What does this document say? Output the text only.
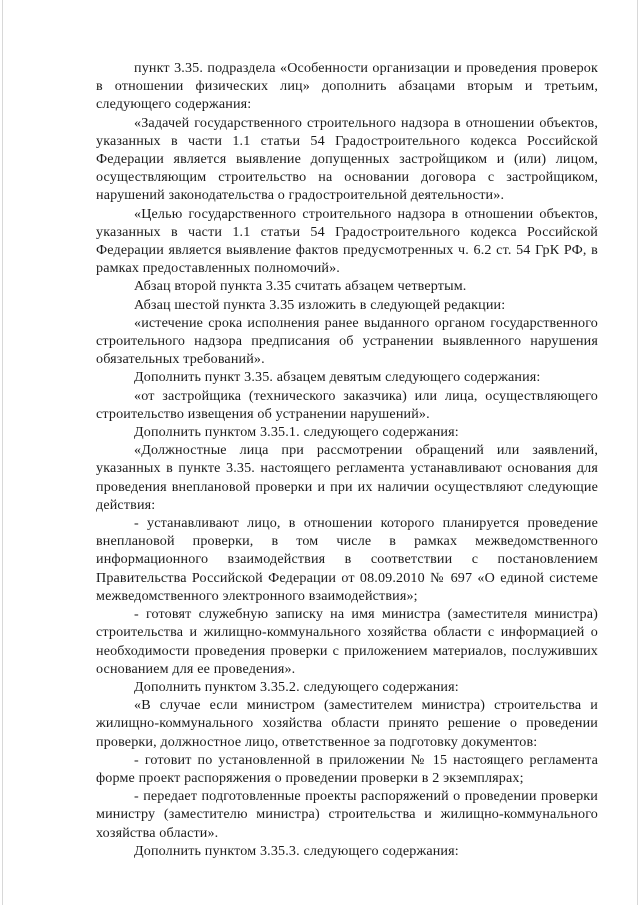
пункт 3.35. подраздела «Особенности организации и проведения проверок в отношении физических лиц» дополнить абзацами вторым и третьим, следующего содержания:

«Задачей государственного строительного надзора в отношении объектов, указанных в части 1.1 статьи 54 Градостроительного кодекса Российской Федерации является выявление допущенных застройщиком и (или) лицом, осуществляющим строительство на основании договора с застройщиком, нарушений законодательства о градостроительной деятельности».

«Целью государственного строительного надзора в отношении объектов, указанных в части 1.1 статьи 54 Градостроительного кодекса Российской Федерации является выявление фактов предусмотренных ч. 6.2 ст. 54 ГрК РФ, в рамках предоставленных полномочий».

Абзац второй пункта 3.35 считать абзацем четвертым.

Абзац шестой пункта 3.35 изложить в следующей редакции:

«истечение срока исполнения ранее выданного органом государственного строительного надзора предписания об устранении выявленного нарушения обязательных требований».

Дополнить пункт 3.35. абзацем девятым следующего содержания:

«от застройщика (технического заказчика) или лица, осуществляющего строительство извещения об устранении нарушений».

Дополнить пунктом 3.35.1. следующего содержания:

«Должностные лица при рассмотрении обращений или заявлений, указанных в пункте 3.35. настоящего регламента устанавливают основания для проведения внеплановой проверки и при их наличии осуществляют следующие действия:

- устанавливают лицо, в отношении которого планируется проведение внеплановой проверки, в том числе в рамках межведомственного информационного взаимодействия в соответствии с постановлением Правительства Российской Федерации от 08.09.2010 № 697 «О единой системе межведомственного электронного взаимодействия»;

- готовят служебную записку на имя министра (заместителя министра) строительства и жилищно-коммунального хозяйства области с информацией о необходимости проведения проверки с приложением материалов, послуживших основанием для ее проведения».

Дополнить пунктом 3.35.2. следующего содержания:

«В случае если министром (заместителем министра) строительства и жилищно-коммунального хозяйства области принято решение о проведении проверки, должностное лицо, ответственное за подготовку документов:

- готовит по установленной в приложении № 15 настоящего регламента форме проект распоряжения о проведении проверки в 2 экземплярах;

- передает подготовленные проекты распоряжений о проведении проверки министру (заместителю министра) строительства и жилищно-коммунального хозяйства области».

Дополнить пунктом 3.35.3. следующего содержания:
